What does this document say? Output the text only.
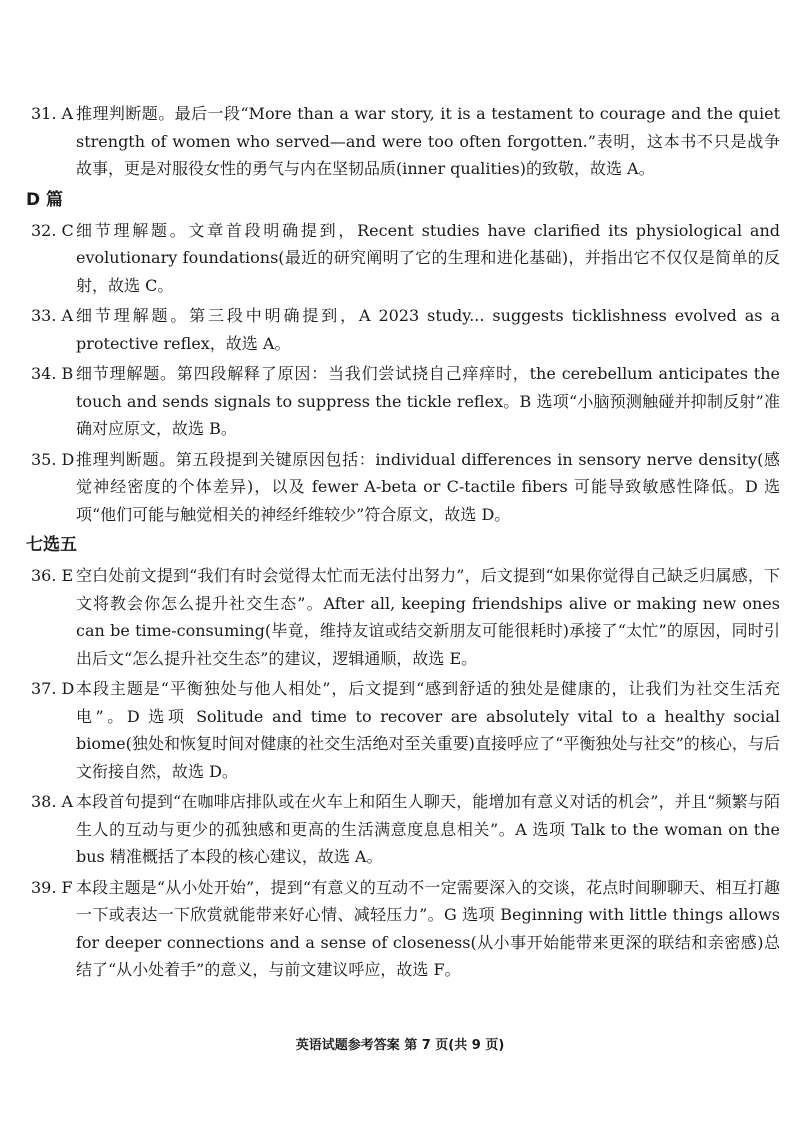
31. A 推理判断题。最后一段“More than a war story, it is a testament to courage and the quiet strength of women who served—and were too often forgotten.”表明，这本书不只是战争故事，更是对服役女性的勇气与内在坚韧品质(inner qualities)的致敬，故选 A。
D 篇
32. C 细节理解题。文章首段明确提到，Recent studies have clarified its physiological and evolutionary foundations(最近的研究阐明了它的生理和进化基础)，并指出它不仅仅是简单的反射，故选 C。
33. A 细节理解题。第三段中明确提到，A 2023 study... suggests ticklishness evolved as a protective reflex，故选 A。
34. B 细节理解题。第四段解释了原因：当我们尝试挠自己痒痒时，the cerebellum anticipates the touch and sends signals to suppress the tickle reflex。B 选项“小脑预测触碰并抑制反射”准确对应原文，故选 B。
35. D 推理判断题。第五段提到关键原因包括：individual differences in sensory nerve density(感觉神经密度的个体差异)，以及 fewer A-beta or C-tactile fibers 可能导致敏感性降低。D 选项“他们可能与触觉相关的神经纤维较少”符合原文，故选 D。
七选五
36. E 空白处前文提到“我们有时会觉得太忙而无法付出努力”，后文提到“如果你觉得自己缺乏归属感，下文将教会你怎么提升社交生态”。After all, keeping friendships alive or making new ones can be time-consuming(毕竟，维持友谊或结交新朋友可能很耗时)承接了“太忙”的原因，同时引出后文“怎么提升社交生态”的建议，逻辑通顺，故选 E。
37. D 本段主题是“平衡独处与他人相处”，后文提到“感到舒适的独处是健康的，让我们为社交生活充电”。D 选项 Solitude and time to recover are absolutely vital to a healthy social biome(独处和恢复时间对健康的社交生活绝对至关重要)直接呼应了“平衡独处与社交”的核心，与后文衔接自然，故选 D。
38. A 本段首句提到“在咖啡店排队或在火车上和陌生人聊天，能增加有意义对话的机会”，并且“频繁与陌生人的互动与更少的孤独感和更高的生活满意度息息相关”。A 选项 Talk to the woman on the bus 精准概括了本段的核心建议，故选 A。
39. F 本段主题是“从小处开始”，提到“有意义的互动不一定需要深入的交谈，花点时间聊聊天、相互打趣一下或表达一下欣赏就能带来好心情、减轻压力”。G 选项 Beginning with little things allows for deeper connections and a sense of closeness(从小事开始能带来更深的联结和亲密感)总结了“从小处着手”的意义，与前文建议呼应，故选 F。
英语试题参考答案 第 7 页(共 9 页)
